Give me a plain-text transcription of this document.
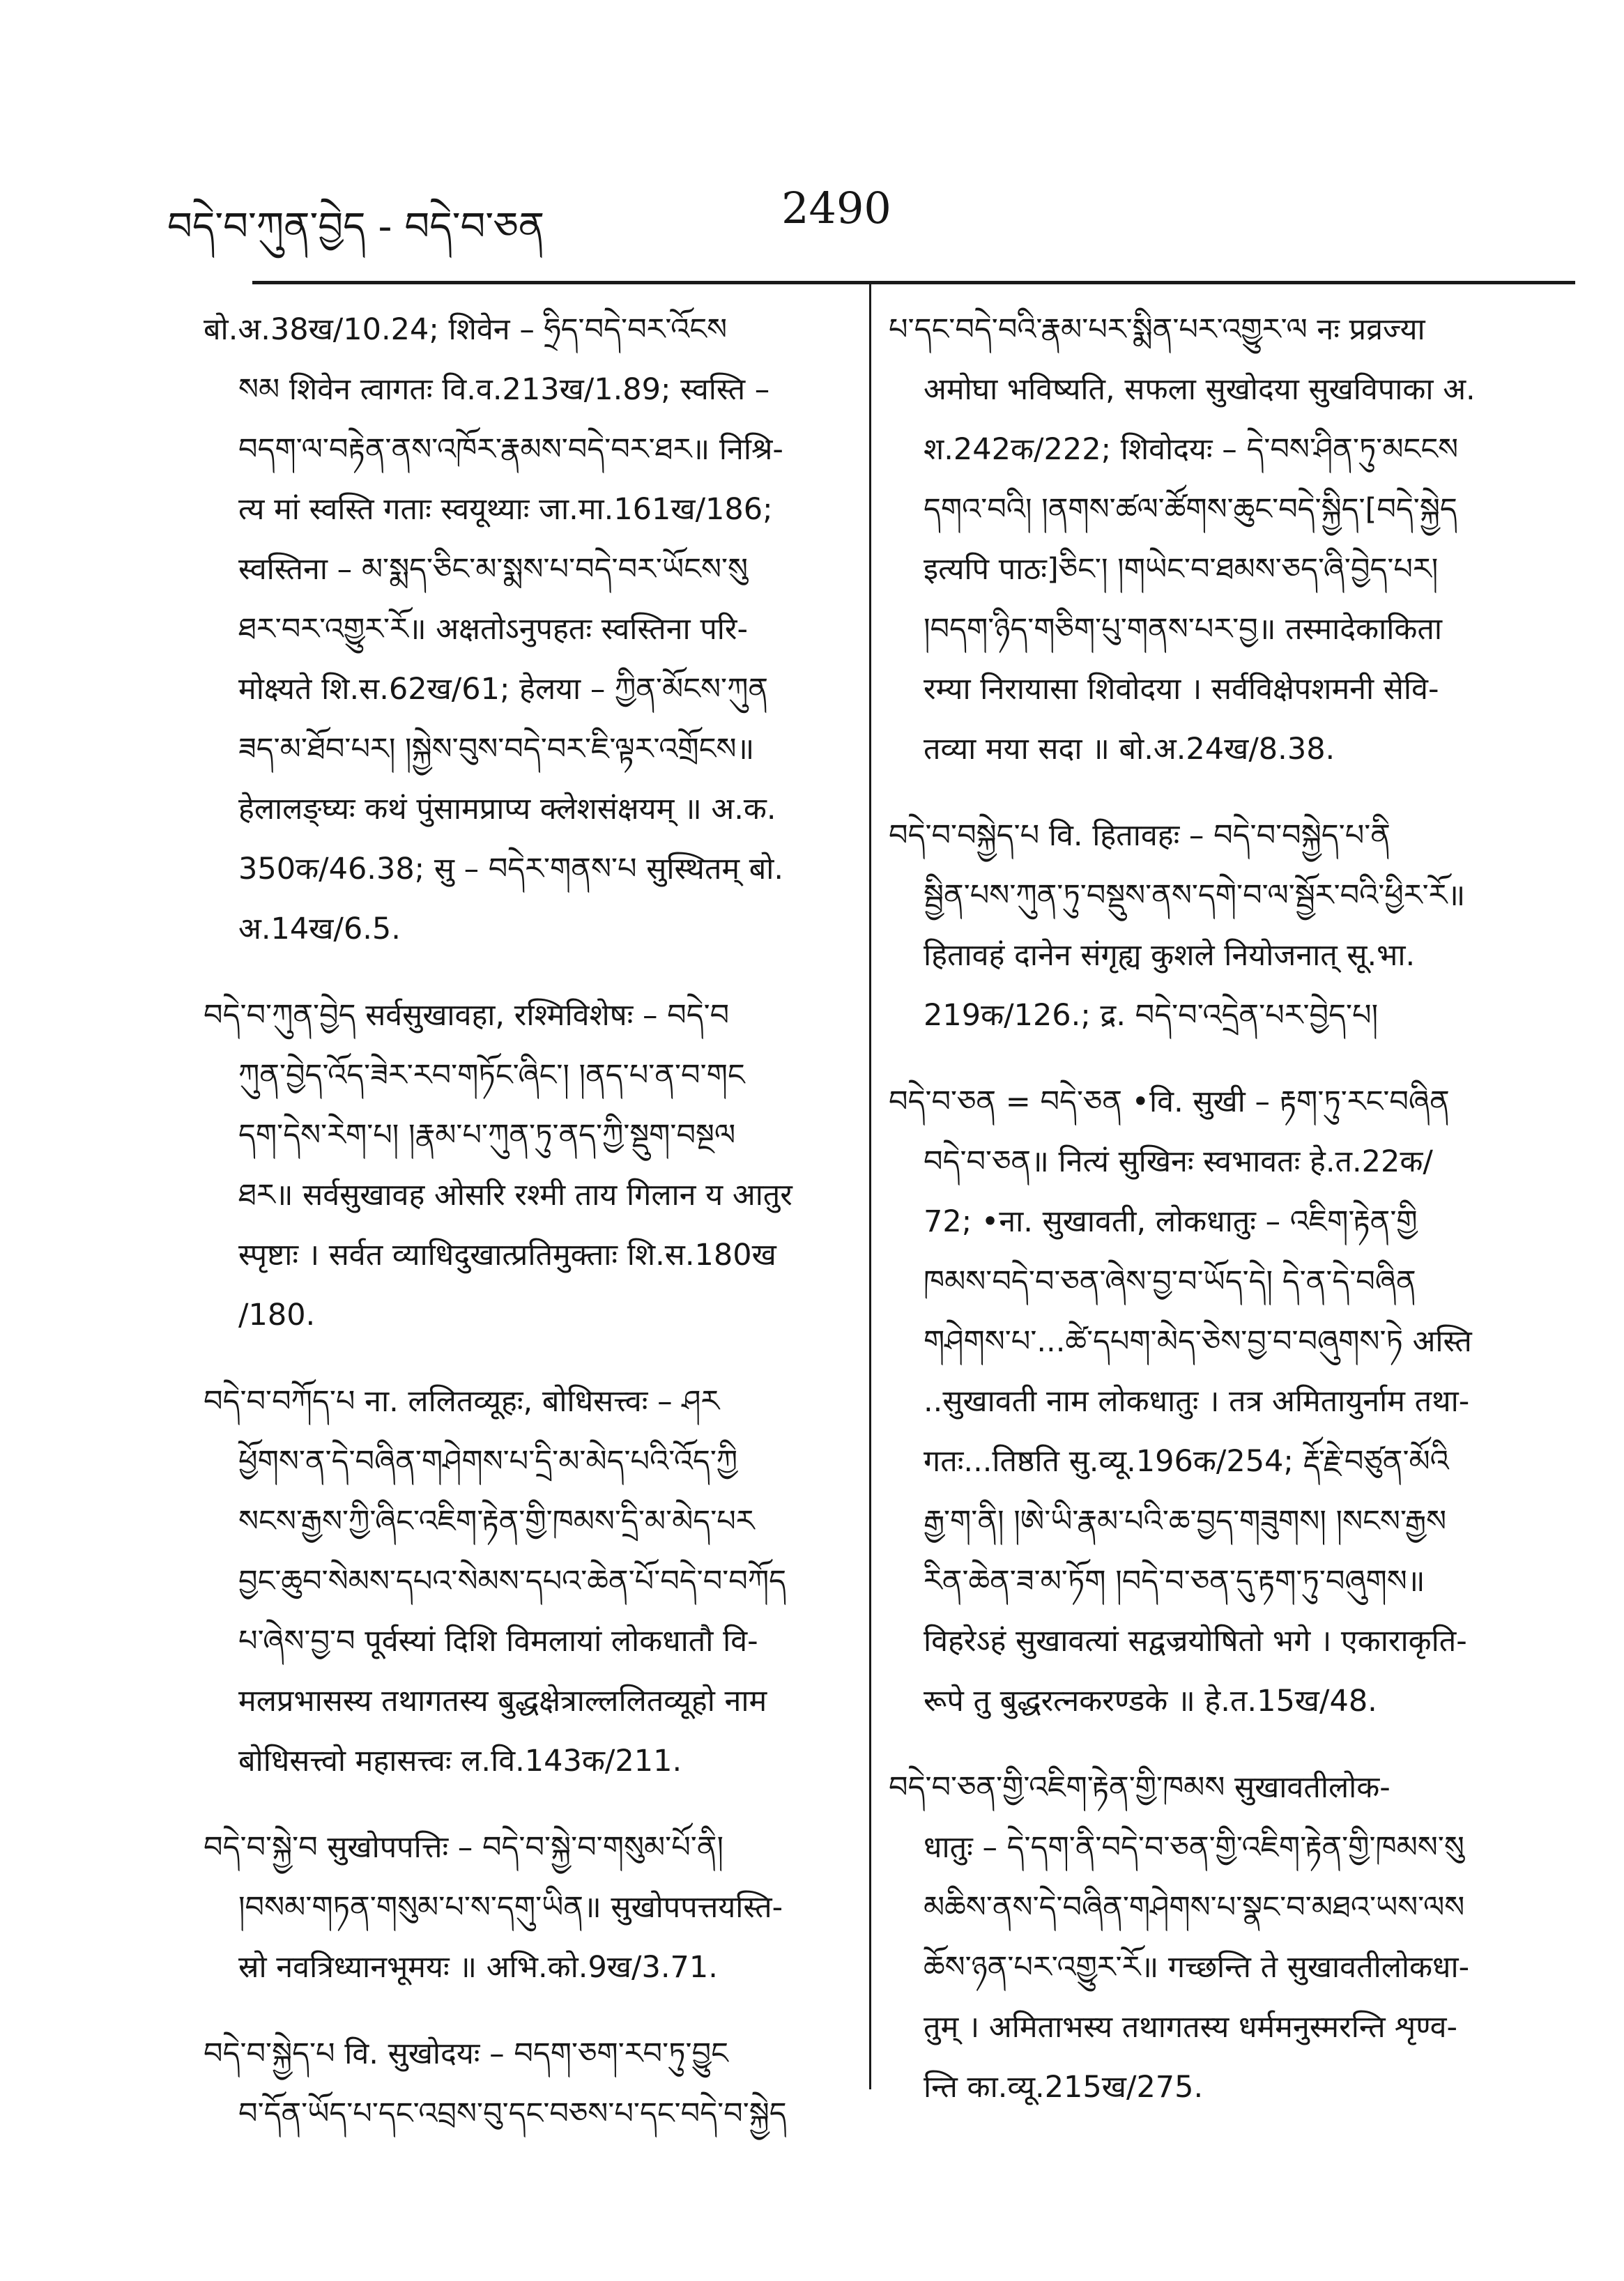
བདེ་བ་ཀུན་བྱེད - བདེ་བ་ཅན	2490
बो.अ.38ख/10.24; शिवेन – ཧྲིད་བདེ་བར་འོངས
སམ शिवेन त्वागतः वि.व.213ख/1.89; स्वस्ति –
བདག་ལ་བརྟེན་ནས་འཁོར་རྣམས་བདེ་བར་ཐར॥ निश्रि-
त्य मां स्वस्ति गताः स्वयूथ्याः जा.मा.161ख/186;
स्वस्तिना – མ་སྨད་ཅིང་མ་སྨས་པ་བདེ་བར་ཡོངས་སུ
ཐར་བར་འགྱུར་རོ॥ अक्षतोऽनुपहतः स्वस्तिना परि-
मोक्ष्यते शि.स.62ख/61; हेलया – ཀྱིན་མོངས་ཀུན
ཟད་མ་ཐོབ་པར། །སྐྱེས་བུས་བདེ་བར་ཇི་ལྟར་འགྲོངས॥
हेलालङ्घ्यः कथं पुंसामप्राप्य क्लेशसंक्षयम् ॥ अ.क.
350क/46.38; सु – བདེར་གནས་པ सुस्थितम् बो.
अ.14ख/6.5.
བདེ་བ་ཀུན་བྱེད सर्वसुखावहा, रश्मिविशेषः – བདེ་བ
ཀུན་བྱེད་འོད་ཟེར་རབ་གཏོང་ཞིང་། །ནད་པ་ན་བ་གང
དག་དེས་རེག་པ། །རྣམ་པ་ཀུན་ཏུ་ནད་ཀྱི་སྡུག་བསྔལ
ཐར॥ सर्वसुखावह ओसरि रश्मी ताय गिलान य आतुर
स्पृष्टाः । सर्वत व्याधिदुखात्प्रतिमुक्ताः शि.स.180ख
/180.
བདེ་བ་བཀོད་པ ना. ललितव्यूहः, बोधिसत्त्वः – ཤར
ཕྱོགས་ན་དེ་བཞིན་གཤེགས་པ་དྲི་མ་མེད་པའི་འོད་ཀྱི
སངས་རྒྱས་ཀྱི་ཞིང་འཇིག་རྟེན་གྱི་ཁམས་དྲི་མ་མེད་པར
བྱང་ཆུབ་སེམས་དཔའ་སེམས་དཔའ་ཆེན་པོ་བདེ་བ་བཀོད
པ་ཞེས་བྱ་བ पूर्वस्यां दिशि विमलायां लोकधातौ वि-
मलप्रभासस्य तथागतस्य बुद्धक्षेत्राल्ललितव्यूहो नाम
बोधिसत्त्वो महासत्त्वः ल.वि.143क/211.
བདེ་བ་སྐྱེ་བ सुखोपपत्तिः – བདེ་བ་སྐྱེ་བ་གསུམ་པོ་ནི།
།བསམ་གཏན་གསུམ་པ་ས་དགུ་ཡིན॥ सुखोपपत्तयस्ति-
स्रो नवत्रिध्यानभूमयः ॥ अभि.को.9ख/3.71.
བདེ་བ་སྐྱེད་པ वि. सुखोदयः – བདག་ཅག་རབ་ཏུ་བྱུང
བ་དོན་ཡོད་པ་དང་འབྲས་བུ་དང་བཅས་པ་དང་བདེ་བ་སྐྱེད
པ་དང་བདེ་བའི་རྣམ་པར་སྨིན་པར་འགྱུར་ལ नः प्रव्रज्या
अमोघा भविष्यति, सफला सुखोदया सुखविपाका अ.
श.242क/222; शिवोदयः – དེ་བས་ཤིན་ཏུ་མངངས
དགའ་བའི། །ནགས་ཚལ་ཚོགས་ཆུང་བདེ་སྐྱིད་[བདེ་སྐྱེད
इत्यपि पाठः]ཅིང་། །གཡེང་བ་ཐམས་ཅད་ཞི་བྱེད་པར།
།བདག་ཉིད་གཅིག་པུ་གནས་པར་བྱ॥ तस्मादेकाकिता
रम्या निरायासा शिवोदया । सर्वविक्षेपशमनी सेवि-
तव्या मया सदा ॥ बो.अ.24ख/8.38.
བདེ་བ་བསྐྱེད་པ वि. हितावहः – བདེ་བ་བསྐྱེད་པ་ནི
སྦྱིན་པས་ཀུན་ཏུ་བསྡུས་ནས་དགེ་བ་ལ་སྦྱོར་བའི་ཕྱིར་རོ॥
हितावहं दानेन संगृह्य कुशले नियोजनात् सू.भा.
219क/126.; द्र. བདེ་བ་འདྲེན་པར་བྱེད་པ།
བདེ་བ་ཅན = བདེ་ཅན •वि. सुखी – རྟག་ཏུ་རང་བཞིན
བདེ་བ་ཅན॥ नित्यं सुखिनः स्वभावतः हे.त.22क/
72; •ना. सुखावती, लोकधातुः – འཇིག་རྟེན་གྱི
ཁམས་བདེ་བ་ཅན་ཞེས་བྱ་བ་ཡོད་དེ། དེ་ན་དེ་བཞིན
གཤེགས་པ་...ཚེ་དཔག་མེད་ཅེས་བྱ་བ་བཞུགས་ཏེ अस्ति
..सुखावती नाम लोकधातुः । तत्र अमितायुर्नाम तथा-
गतः...तिष्ठति सु.व्यू.196क/254; རྡོ་རྗེ་བཙུན་མོའི
རྒྱ་ག་ནི། །ཨེ་ཡི་རྣམ་པའི་ཆ་བྱད་གཟུགས། །སངས་རྒྱས
རིན་ཆེན་ཟ་མ་ཏོག །བདེ་བ་ཅན་དུ་རྟག་ཏུ་བཞུགས॥
विहरेऽहं सुखावत्यां सद्वज्रयोषितो भगे । एकाराकृति-
रूपे तु बुद्धरत्नकरण्डके ॥ हे.त.15ख/48.
བདེ་བ་ཅན་གྱི་འཇིག་རྟེན་གྱི་ཁམས सुखावतीलोक-
धातुः – དེ་དག་ནི་བདེ་བ་ཅན་གྱི་འཇིག་རྟེན་གྱི་ཁམས་སུ
མཆིས་ནས་དེ་བཞིན་གཤེགས་པ་སྣང་བ་མཐའ་ཡས་ལས
ཆོས་ཉན་པར་འགྱུར་རོ॥ गच्छन्ति ते सुखावतीलोकधा-
तुम् । अमिताभस्य तथागतस्य धर्ममनुस्मरन्ति शृण्व-
न्ति का.व्यू.215ख/275.
